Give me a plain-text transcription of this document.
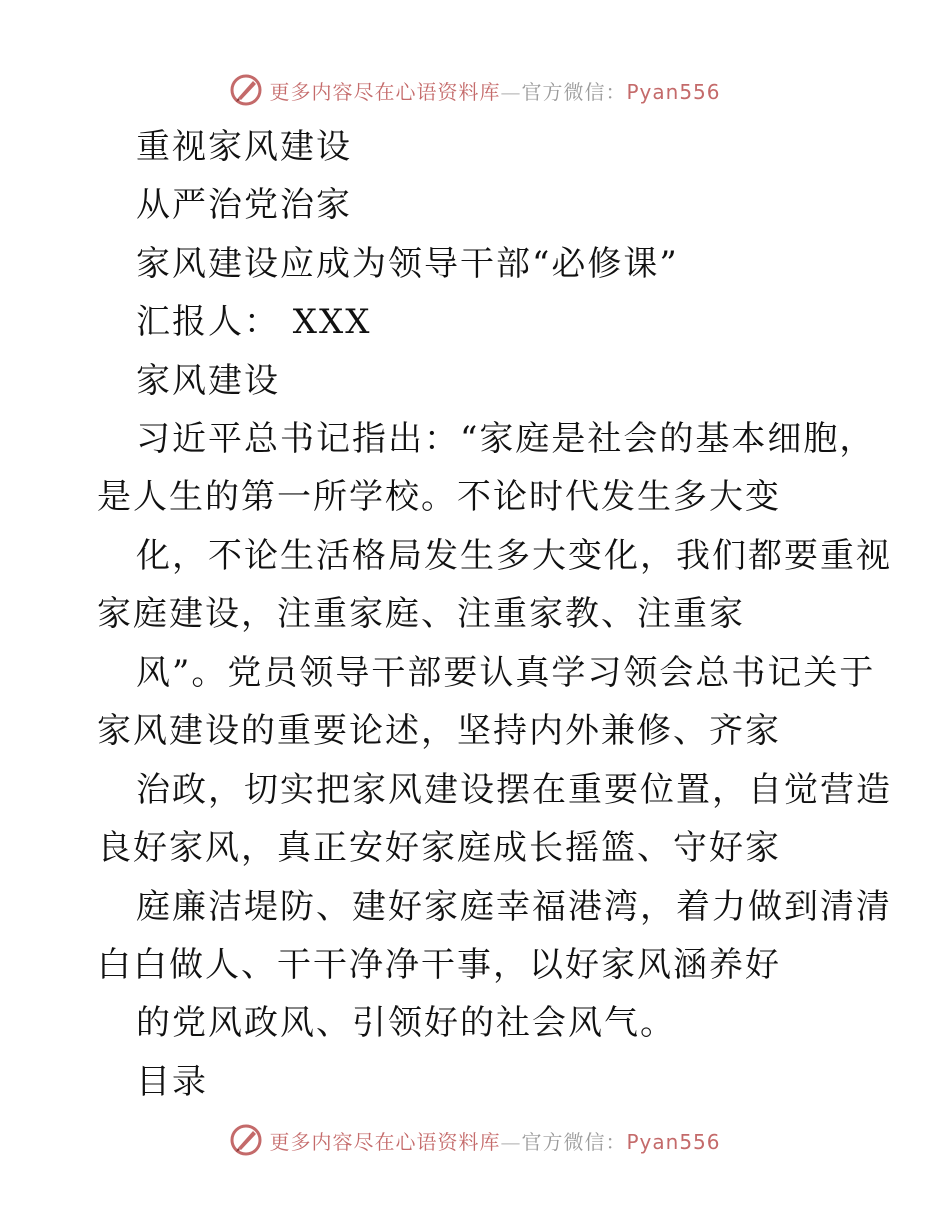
更多内容尽在心语资料库—官方微信：Pyan556
重视家风建设
从严治党治家
家风建设应成为领导干部“必修课”
汇报人： XXX
家风建设
习近平总书记指出：“家庭是社会的基本细胞，
是人生的第一所学校。不论时代发生多大变
化，不论生活格局发生多大变化，我们都要重视
家庭建设，注重家庭、注重家教、注重家
风”。党员领导干部要认真学习领会总书记关于
家风建设的重要论述，坚持内外兼修、齐家
治政，切实把家风建设摆在重要位置，自觉营造
良好家风，真正安好家庭成长摇篮、守好家
庭廉洁堤防、建好家庭幸福港湾，着力做到清清
白白做人、干干净净干事，以好家风涵养好
的党风政风、引领好的社会风气。
目录
更多内容尽在心语资料库—官方微信：Pyan556
